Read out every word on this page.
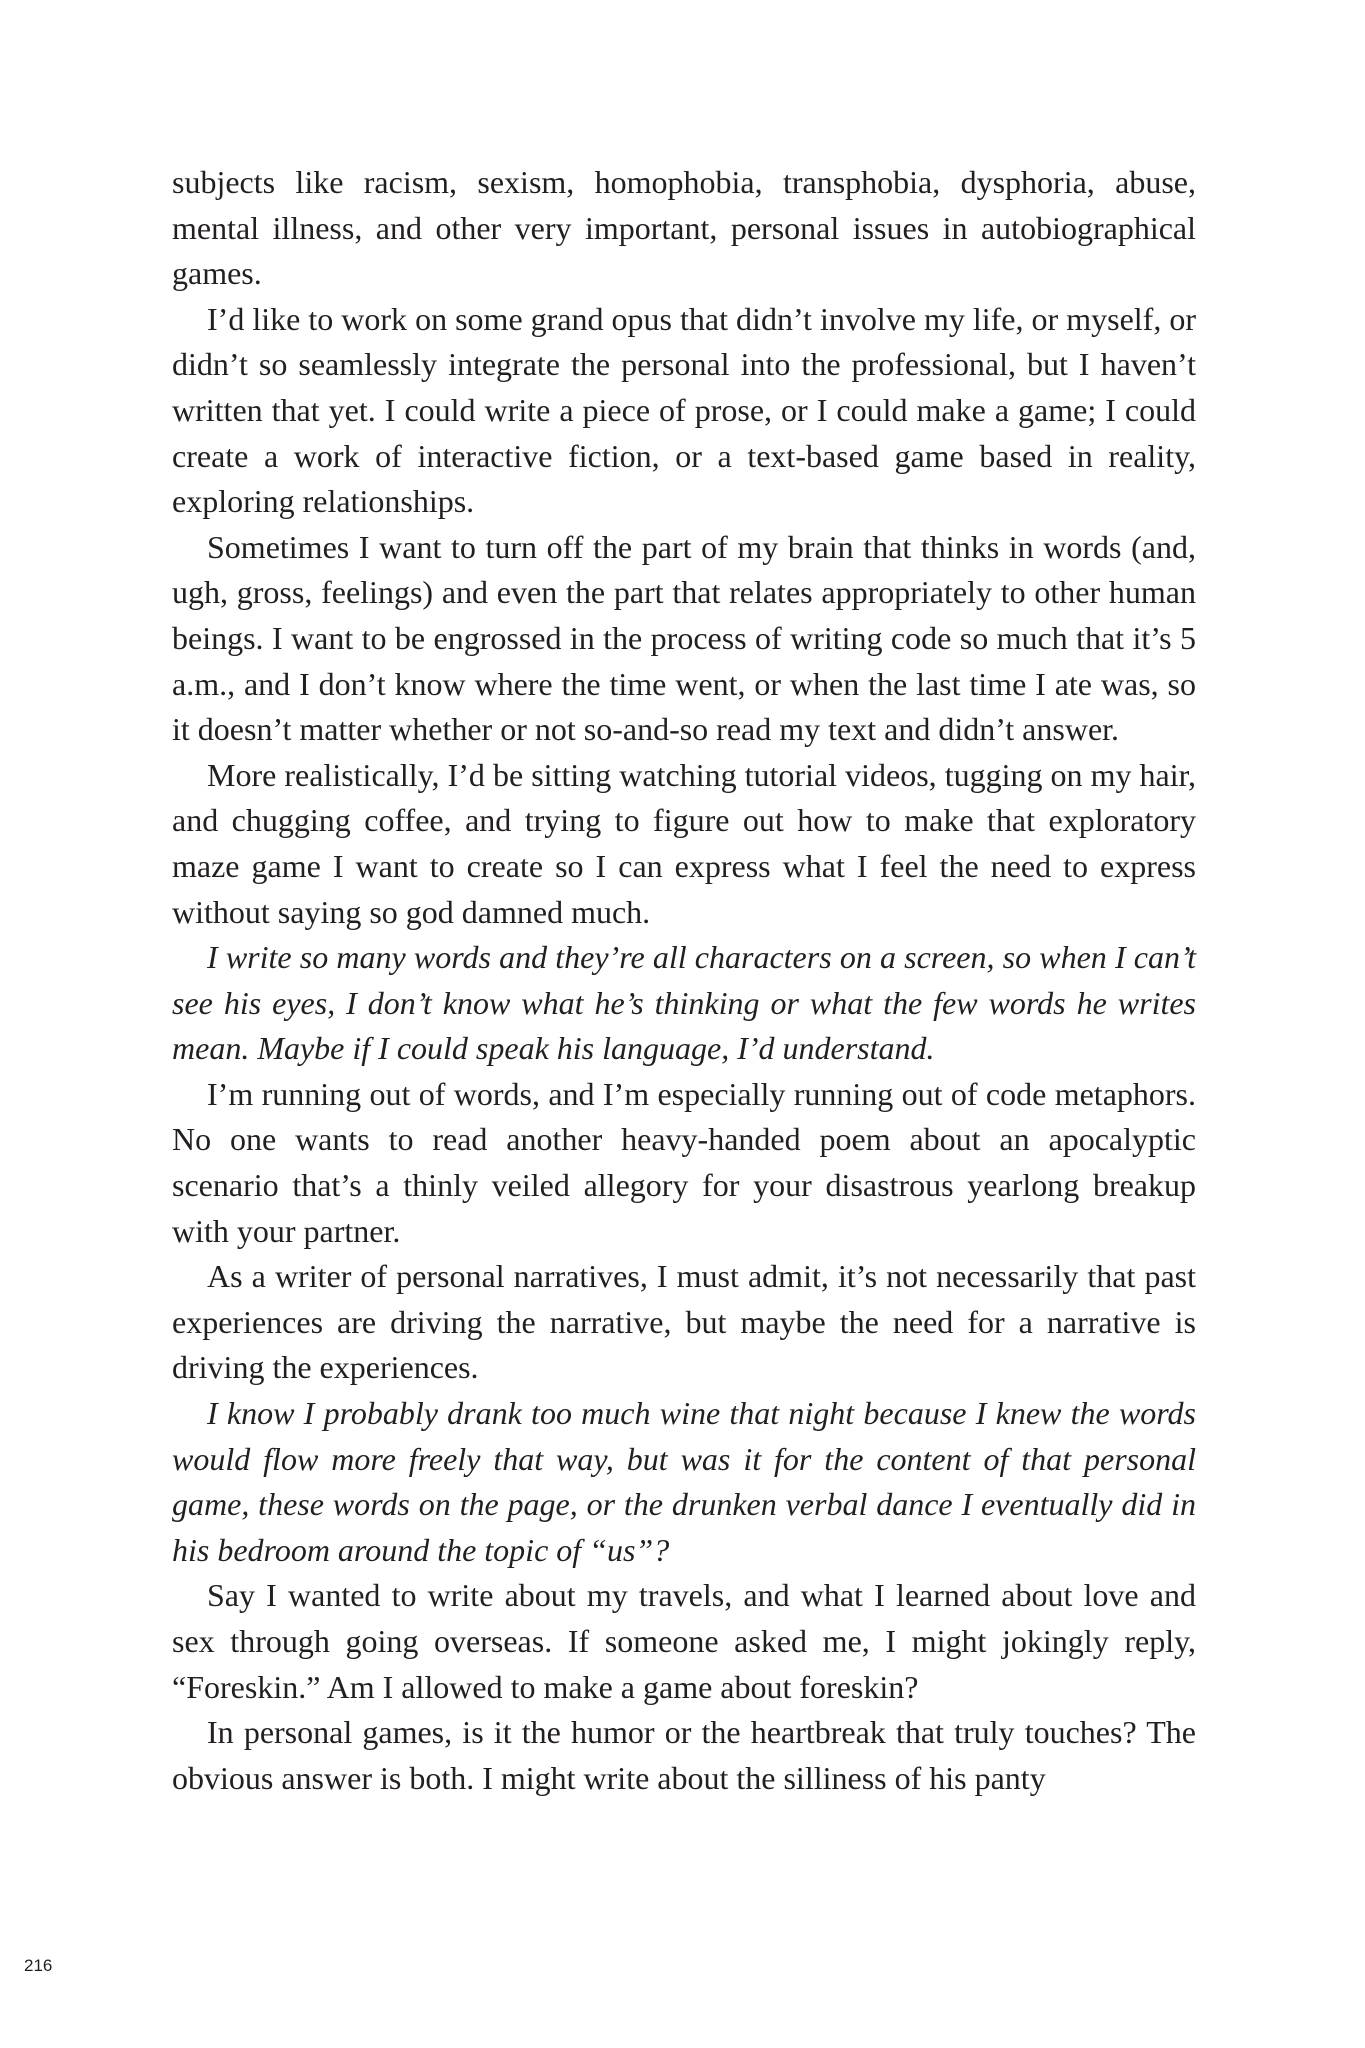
subjects like racism, sexism, homophobia, transphobia, dysphoria, abuse, mental illness, and other very important, personal issues in autobiographical games.

I’d like to work on some grand opus that didn’t involve my life, or myself, or didn’t so seamlessly integrate the personal into the professional, but I haven’t written that yet. I could write a piece of prose, or I could make a game; I could create a work of interactive fiction, or a text-based game based in reality, exploring relationships.

Sometimes I want to turn off the part of my brain that thinks in words (and, ugh, gross, feelings) and even the part that relates appropriately to other human beings. I want to be engrossed in the process of writing code so much that it’s 5 a.m., and I don’t know where the time went, or when the last time I ate was, so it doesn’t matter whether or not so-and-so read my text and didn’t answer.

More realistically, I’d be sitting watching tutorial videos, tugging on my hair, and chugging coffee, and trying to figure out how to make that exploratory maze game I want to create so I can express what I feel the need to express without saying so god damned much.

I write so many words and they’re all characters on a screen, so when I can’t see his eyes, I don’t know what he’s thinking or what the few words he writes mean. Maybe if I could speak his language, I’d understand.

I’m running out of words, and I’m especially running out of code metaphors. No one wants to read another heavy-handed poem about an apocalyptic scenario that’s a thinly veiled allegory for your disastrous yearlong breakup with your partner.

As a writer of personal narratives, I must admit, it’s not necessarily that past experiences are driving the narrative, but maybe the need for a narrative is driving the experiences.

I know I probably drank too much wine that night because I knew the words would flow more freely that way, but was it for the content of that personal game, these words on the page, or the drunken verbal dance I eventually did in his bedroom around the topic of “us”?

Say I wanted to write about my travels, and what I learned about love and sex through going overseas. If someone asked me, I might jokingly reply, “Foreskin.” Am I allowed to make a game about foreskin?

In personal games, is it the humor or the heartbreak that truly touches? The obvious answer is both. I might write about the silliness of his panty

216
